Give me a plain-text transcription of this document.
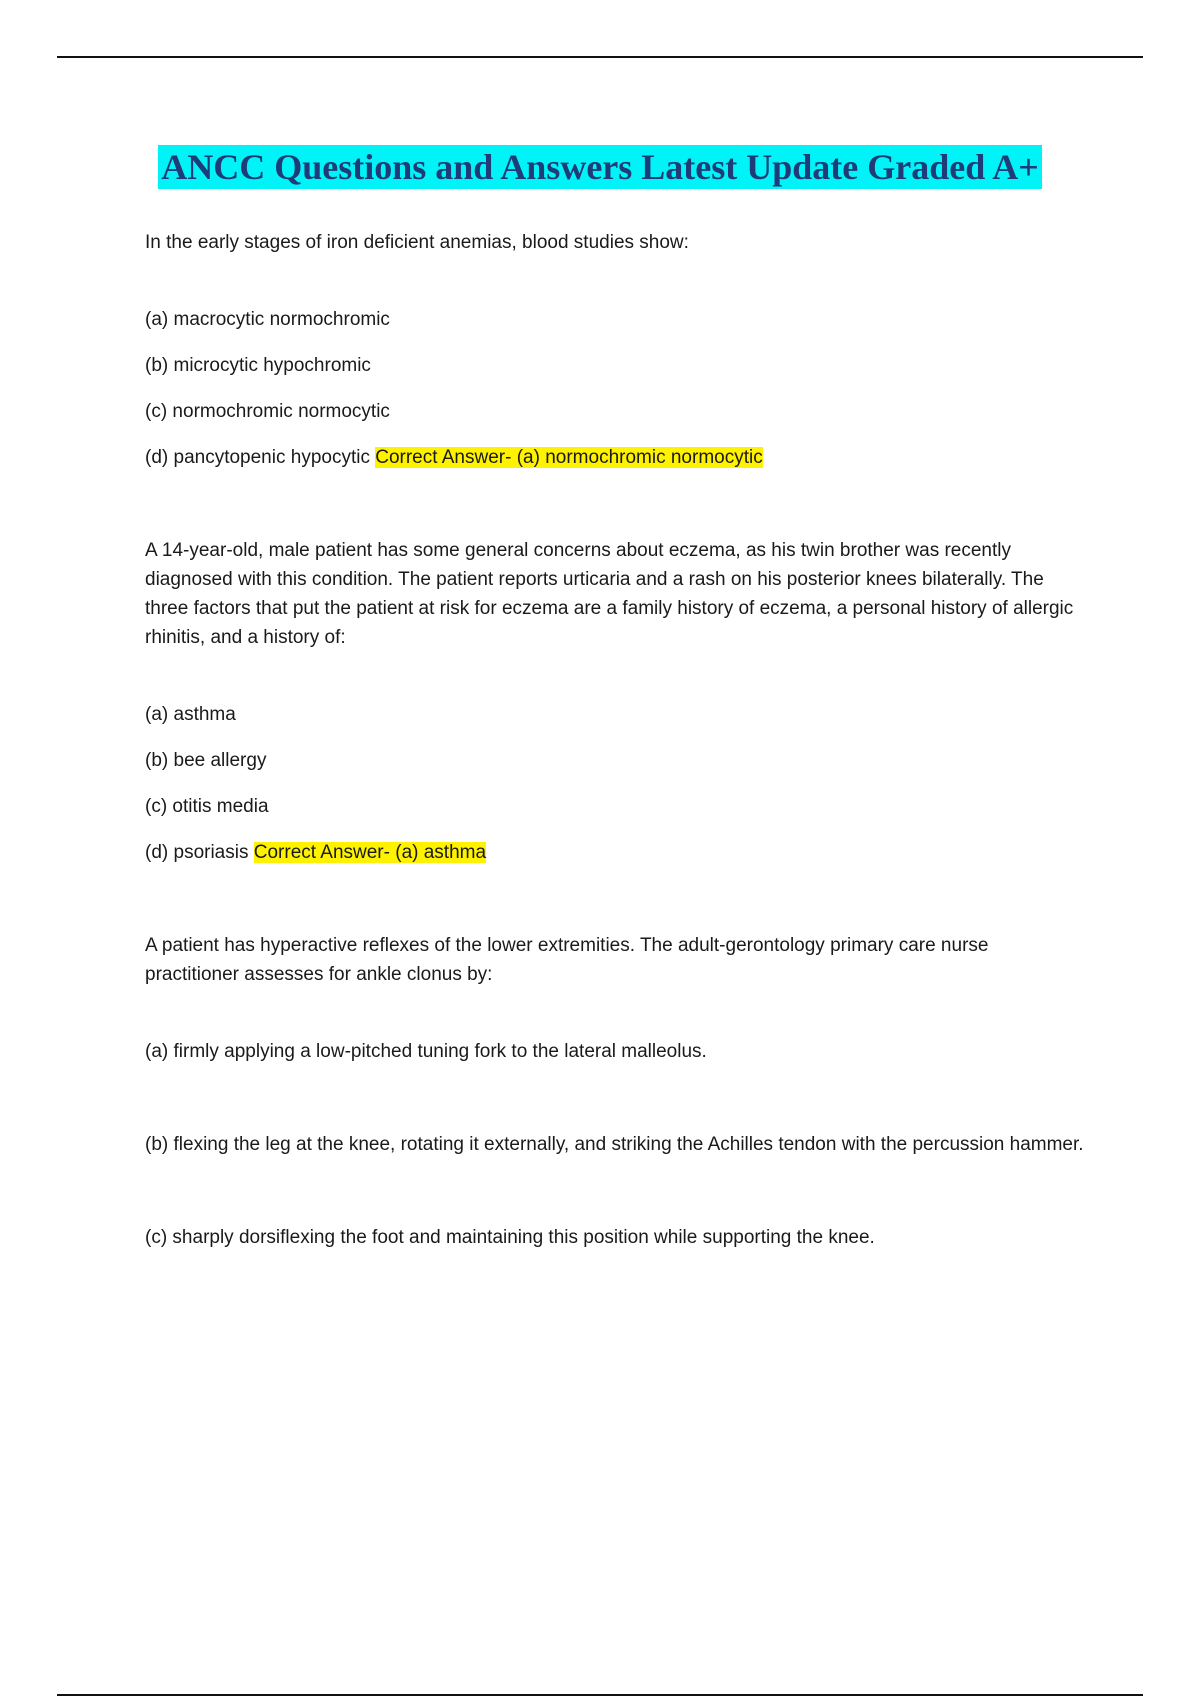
ANCC Questions and Answers Latest Update Graded A+

In the early stages of iron deficient anemias, blood studies show:

(a) macrocytic normochromic

(b) microcytic hypochromic

(c) normochromic normocytic

(d) pancytopenic hypocytic Correct Answer- (a) normochromic normocytic

A 14-year-old, male patient has some general concerns about eczema, as his twin brother was recently diagnosed with this condition. The patient reports urticaria and a rash on his posterior knees bilaterally. The three factors that put the patient at risk for eczema are a family history of eczema, a personal history of allergic rhinitis, and a history of:

(a) asthma

(b) bee allergy

(c) otitis media

(d) psoriasis Correct Answer- (a) asthma

A patient has hyperactive reflexes of the lower extremities. The adult-gerontology primary care nurse practitioner assesses for ankle clonus by:

(a) firmly applying a low-pitched tuning fork to the lateral malleolus.

(b) flexing the leg at the knee, rotating it externally, and striking the Achilles tendon with the percussion hammer.

(c) sharply dorsiflexing the foot and maintaining this position while supporting the knee.
